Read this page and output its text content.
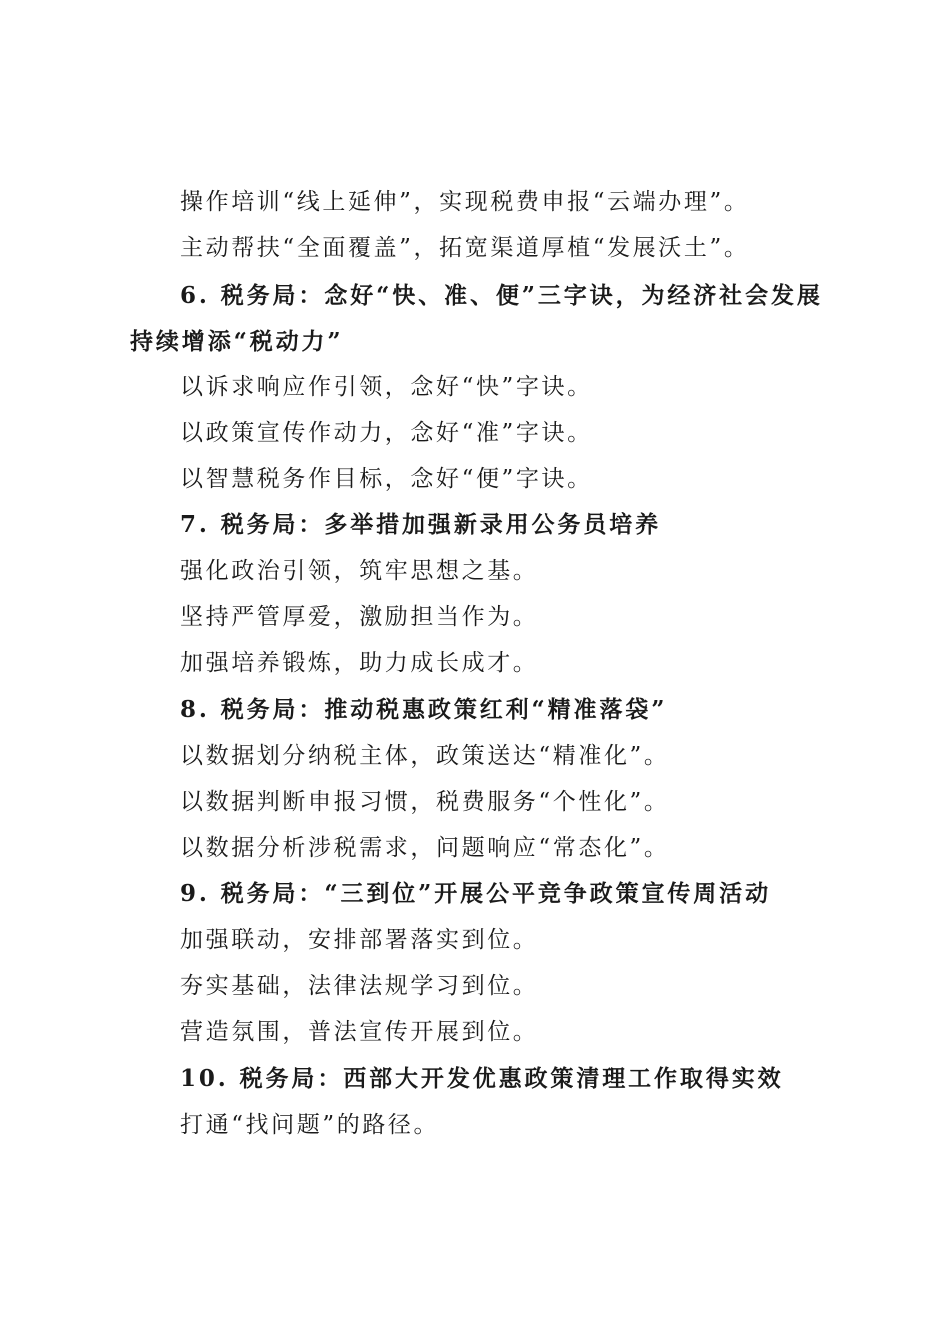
操作培训“线上延伸”，实现税费申报“云端办理”。
主动帮扶“全面覆盖”，拓宽渠道厚植“发展沃土”。
6. 税务局：念好“快、准、便”三字诀，为经济社会发展
持续增添“税动力”
以诉求响应作引领，念好“快”字诀。
以政策宣传作动力，念好“准”字诀。
以智慧税务作目标，念好“便”字诀。
7. 税务局：多举措加强新录用公务员培养
强化政治引领，筑牢思想之基。
坚持严管厚爱，激励担当作为。
加强培养锻炼，助力成长成才。
8. 税务局：推动税惠政策红利“精准落袋”
以数据划分纳税主体，政策送达“精准化”。
以数据判断申报习惯，税费服务“个性化”。
以数据分析涉税需求，问题响应“常态化”。
9. 税务局：“三到位”开展公平竞争政策宣传周活动
加强联动，安排部署落实到位。
夯实基础，法律法规学习到位。
营造氛围，普法宣传开展到位。
10. 税务局：西部大开发优惠政策清理工作取得实效
打通“找问题”的路径。
